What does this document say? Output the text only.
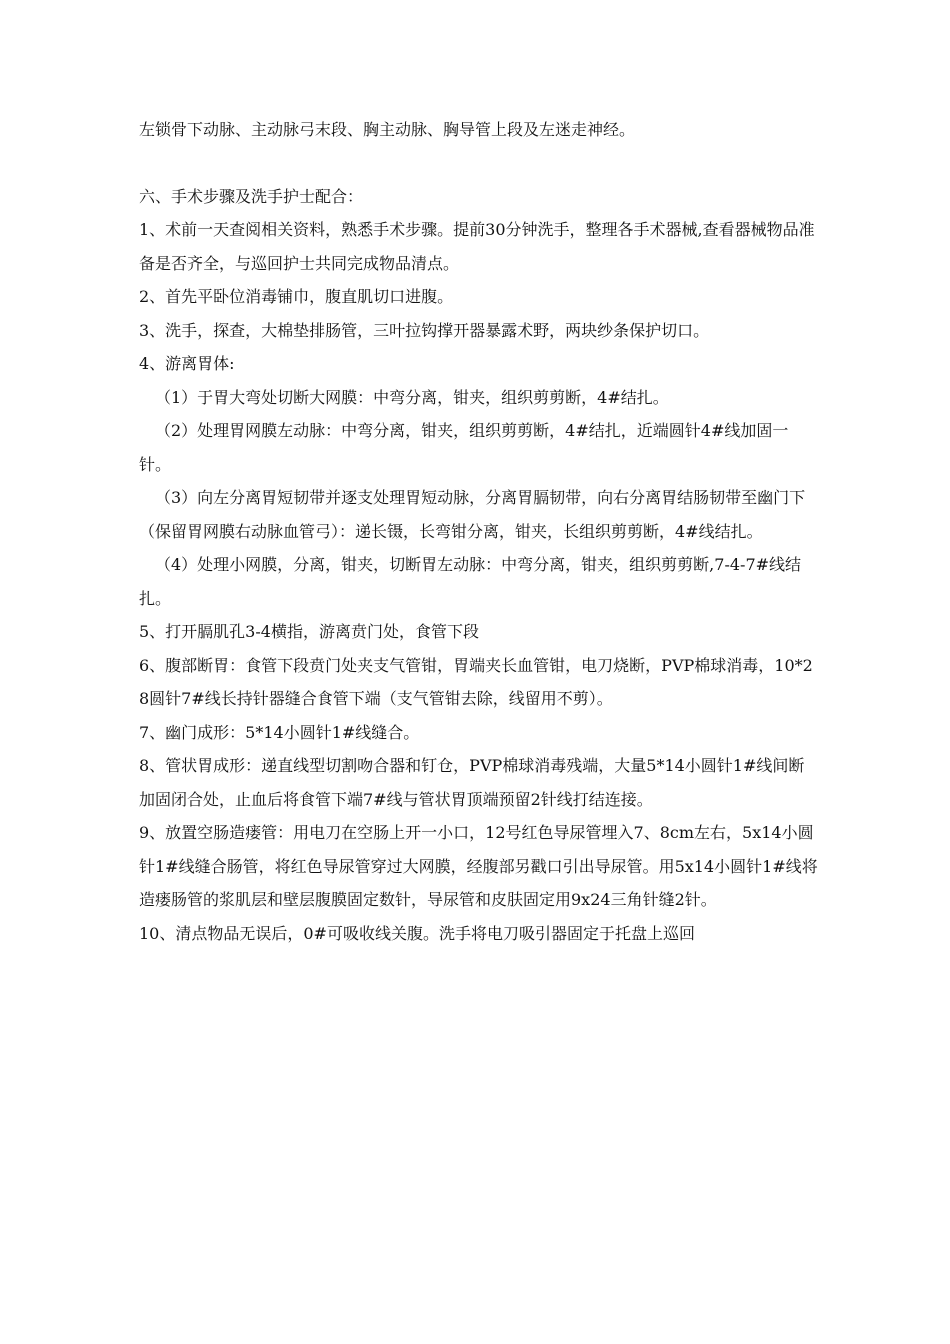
左锁骨下动脉、主动脉弓末段、胸主动脉、胸导管上段及左迷走神经。

六、手术步骤及洗手护士配合：

1、术前一天查阅相关资料，熟悉手术步骤。提前30分钟洗手，整理各手术器械,查看器械物品准备是否齐全，与巡回护士共同完成物品清点。

2、首先平卧位消毒铺巾，腹直肌切口进腹。

3、洗手，探查，大棉垫排肠管，三叶拉钩撑开器暴露术野，两块纱条保护切口。

4、游离胃体:

（1）于胃大弯处切断大网膜：中弯分离，钳夹，组织剪剪断，4#结扎。

（2）处理胃网膜左动脉：中弯分离，钳夹，组织剪剪断，4#结扎，近端圆针4#线加固一针。

（3）向左分离胃短韧带并逐支处理胃短动脉，分离胃膈韧带，向右分离胃结肠韧带至幽门下（保留胃网膜右动脉血管弓）：递长镊，长弯钳分离，钳夹，长组织剪剪断，4#线结扎。

（4）处理小网膜，分离，钳夹，切断胃左动脉：中弯分离，钳夹，组织剪剪断,7-4-7#线结扎。

5、打开膈肌孔3-4横指，游离贲门处，食管下段

6、腹部断胃：食管下段贲门处夹支气管钳，胃端夹长血管钳，电刀烧断，PVP棉球消毒，10*28圆针7#线长持针器缝合食管下端（支气管钳去除，线留用不剪）。

7、幽门成形：5*14小圆针1#线缝合。

8、管状胃成形：递直线型切割吻合器和钉仓，PVP棉球消毒残端，大量5*14小圆针1#线间断加固闭合处，止血后将食管下端7#线与管状胃顶端预留2针线打结连接。

9、放置空肠造瘘管：用电刀在空肠上开一小口，12号红色导尿管埋入7、8cm左右，5x14小圆针1#线缝合肠管，将红色导尿管穿过大网膜，经腹部另戳口引出导尿管。用5x14小圆针1#线将造瘘肠管的浆肌层和壁层腹膜固定数针，导尿管和皮肤固定用9x24三角针缝2针。

10、清点物品无误后，0#可吸收线关腹。洗手将电刀吸引器固定于托盘上巡回
